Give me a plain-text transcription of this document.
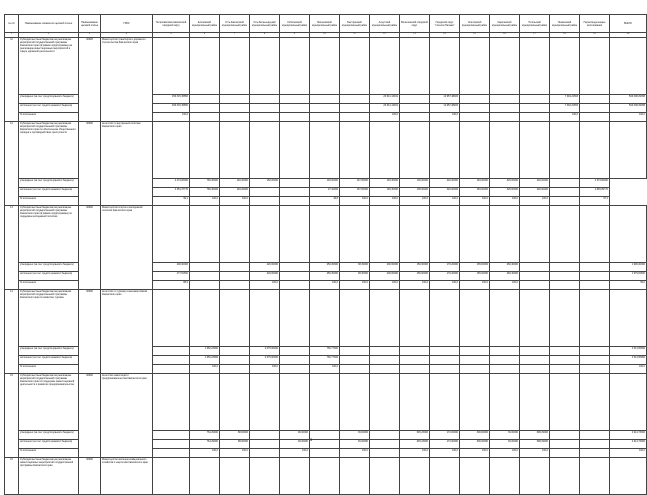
№ п/п	Наименование показателя целевой статьи	Наименование целевой статьи	ГРБС	Петропавловск-Камчатский городской округ	Елизовский муниципальный район	Усть-Камчатский муниципальный район	Усть-Большерецкий муниципальный район	Соболевский муниципальный район	Мильковский муниципальный район	Быстринский муниципальный район	Алеутский муниципальный район	Вилючинский городской округ	Городской округ "поселок Палана"	Олюторский муниципальный район	Карагинский муниципальный район	Тигильский муниципальный район	Пенжинский муниципальный район	Нераспределенные ассигнования	ВСЕГО
1	2	3	4	5	6	7	8	9	10	11	12	13	14	15	16	17	18	19	20
11	Субсидия местным бюджетам на реализацию мероприятий государственной программы Камчатского края (в рамках подпрограммы) на реализацию инвестиционных мероприятий в сфере дорожной деятельности	40000	Министерство транспорта и дорожного строительства Камчатского края																
	утверждено (за счет средств краевого бюджета)			456 315,45850							26 641,13461		12 957,48484				7 394,21563		503 308,29358
	исполнено (за счет средств краевого бюджета)			456 315,45850							26 641,13461		12 957,48484				7 394,21563		503 308,29358
	% исполнения			100,0							100,0		100,0				100,0		100,0
12	Субсидия местным бюджетам на реализацию мероприятий государственной программы Камчатского края по обеспечению общественного порядка и противодействию преступности	40000	Агентство по внутренней политике Камчатского края																
	утверждено (за счет средств краевого бюджета)			2 474,00000	766,30000	140,20000	150,00000		145,00000	167,00000	145,30000	135,00000	222,00000	184,00000	225,00000	220,00000		4 973,80000	
	исполнено (за счет средств краевого бюджета)			2 451,37770	766,30000	140,20000			27,32000	167,00000	145,30000	135,00000	222,00000	184,00000	225,00000	220,00000		4 845,89770	
	% исполнения			99,1	100,0	100,0			18,8	100,0	100,0	100,0	100,0	100,0	100,0	100,0		97,4	
13	Субсидия местным бюджетам на реализацию мероприятий государственной программы Камчатского края (в рамках подпрограммы) по поддержке молодежной политики	40000	Министерство спорта и молодежной политики Камчатского края																
	утверждено (за счет средств краевого бюджета)			200,00000			220,00000		250,30000	38,30000	200,00000	150,00000	170,20000	165,00000	260,40000				1 996,00000
	исполнено (за счет средств краевого бюджета)			177,81500			220,00000		250,30000	38,30000	200,00000	150,00000	170,20000	165,00000	260,40000				1 975,81500
	% исполнения			88,9			100,0		100,0	100,0	100,0	100,0	100,0	100,0	100,0				99,0
14	Субсидия местным бюджетам на реализацию мероприятий государственной программы Камчатского края по развитию туризма	40000	Агентство по туризму и внешним связям Камчатского края																
	утверждено (за счет средств краевого бюджета)				1 652,23960		2 075,60000		766,77000										4 514,56960
	исполнено (за счет средств краевого бюджета)				1 652,23960		2 075,60000		766,77000										4 514,56960
	% исполнения				100,0		100,0		100,0										100,0
15	Субсидия местным бюджетам на реализацию мероприятий государственной программы Камчатского края по поддержке инвестиционной деятельности и развитию предпринимательства	40000	Агентство инвестиций и предпринимательства Камчатского края																
	утверждено (за счет средств краевого бюджета)				764,29000	88,00000		90,00000		36,00000		645,23000	172,00000	300,00000	36,00000	698,29000			2 914,73000
	исполнено (за счет средств краевого бюджета)				764,29000	88,00000		90,00000		36,00000		645,23000	172,00000	300,00000	36,00000	698,29000			2 914,73000
	% исполнения				100,0	100,0		100,0		100,0		100,0	100,0	100,0	100,0	100,0			100,0
16	Субсидия местным бюджетам на реализацию инвестиционных мероприятий государственной программы Камчатского края	40000	Министерство жилищно-коммунального хозяйства и энергетики Камчатского края																
3
